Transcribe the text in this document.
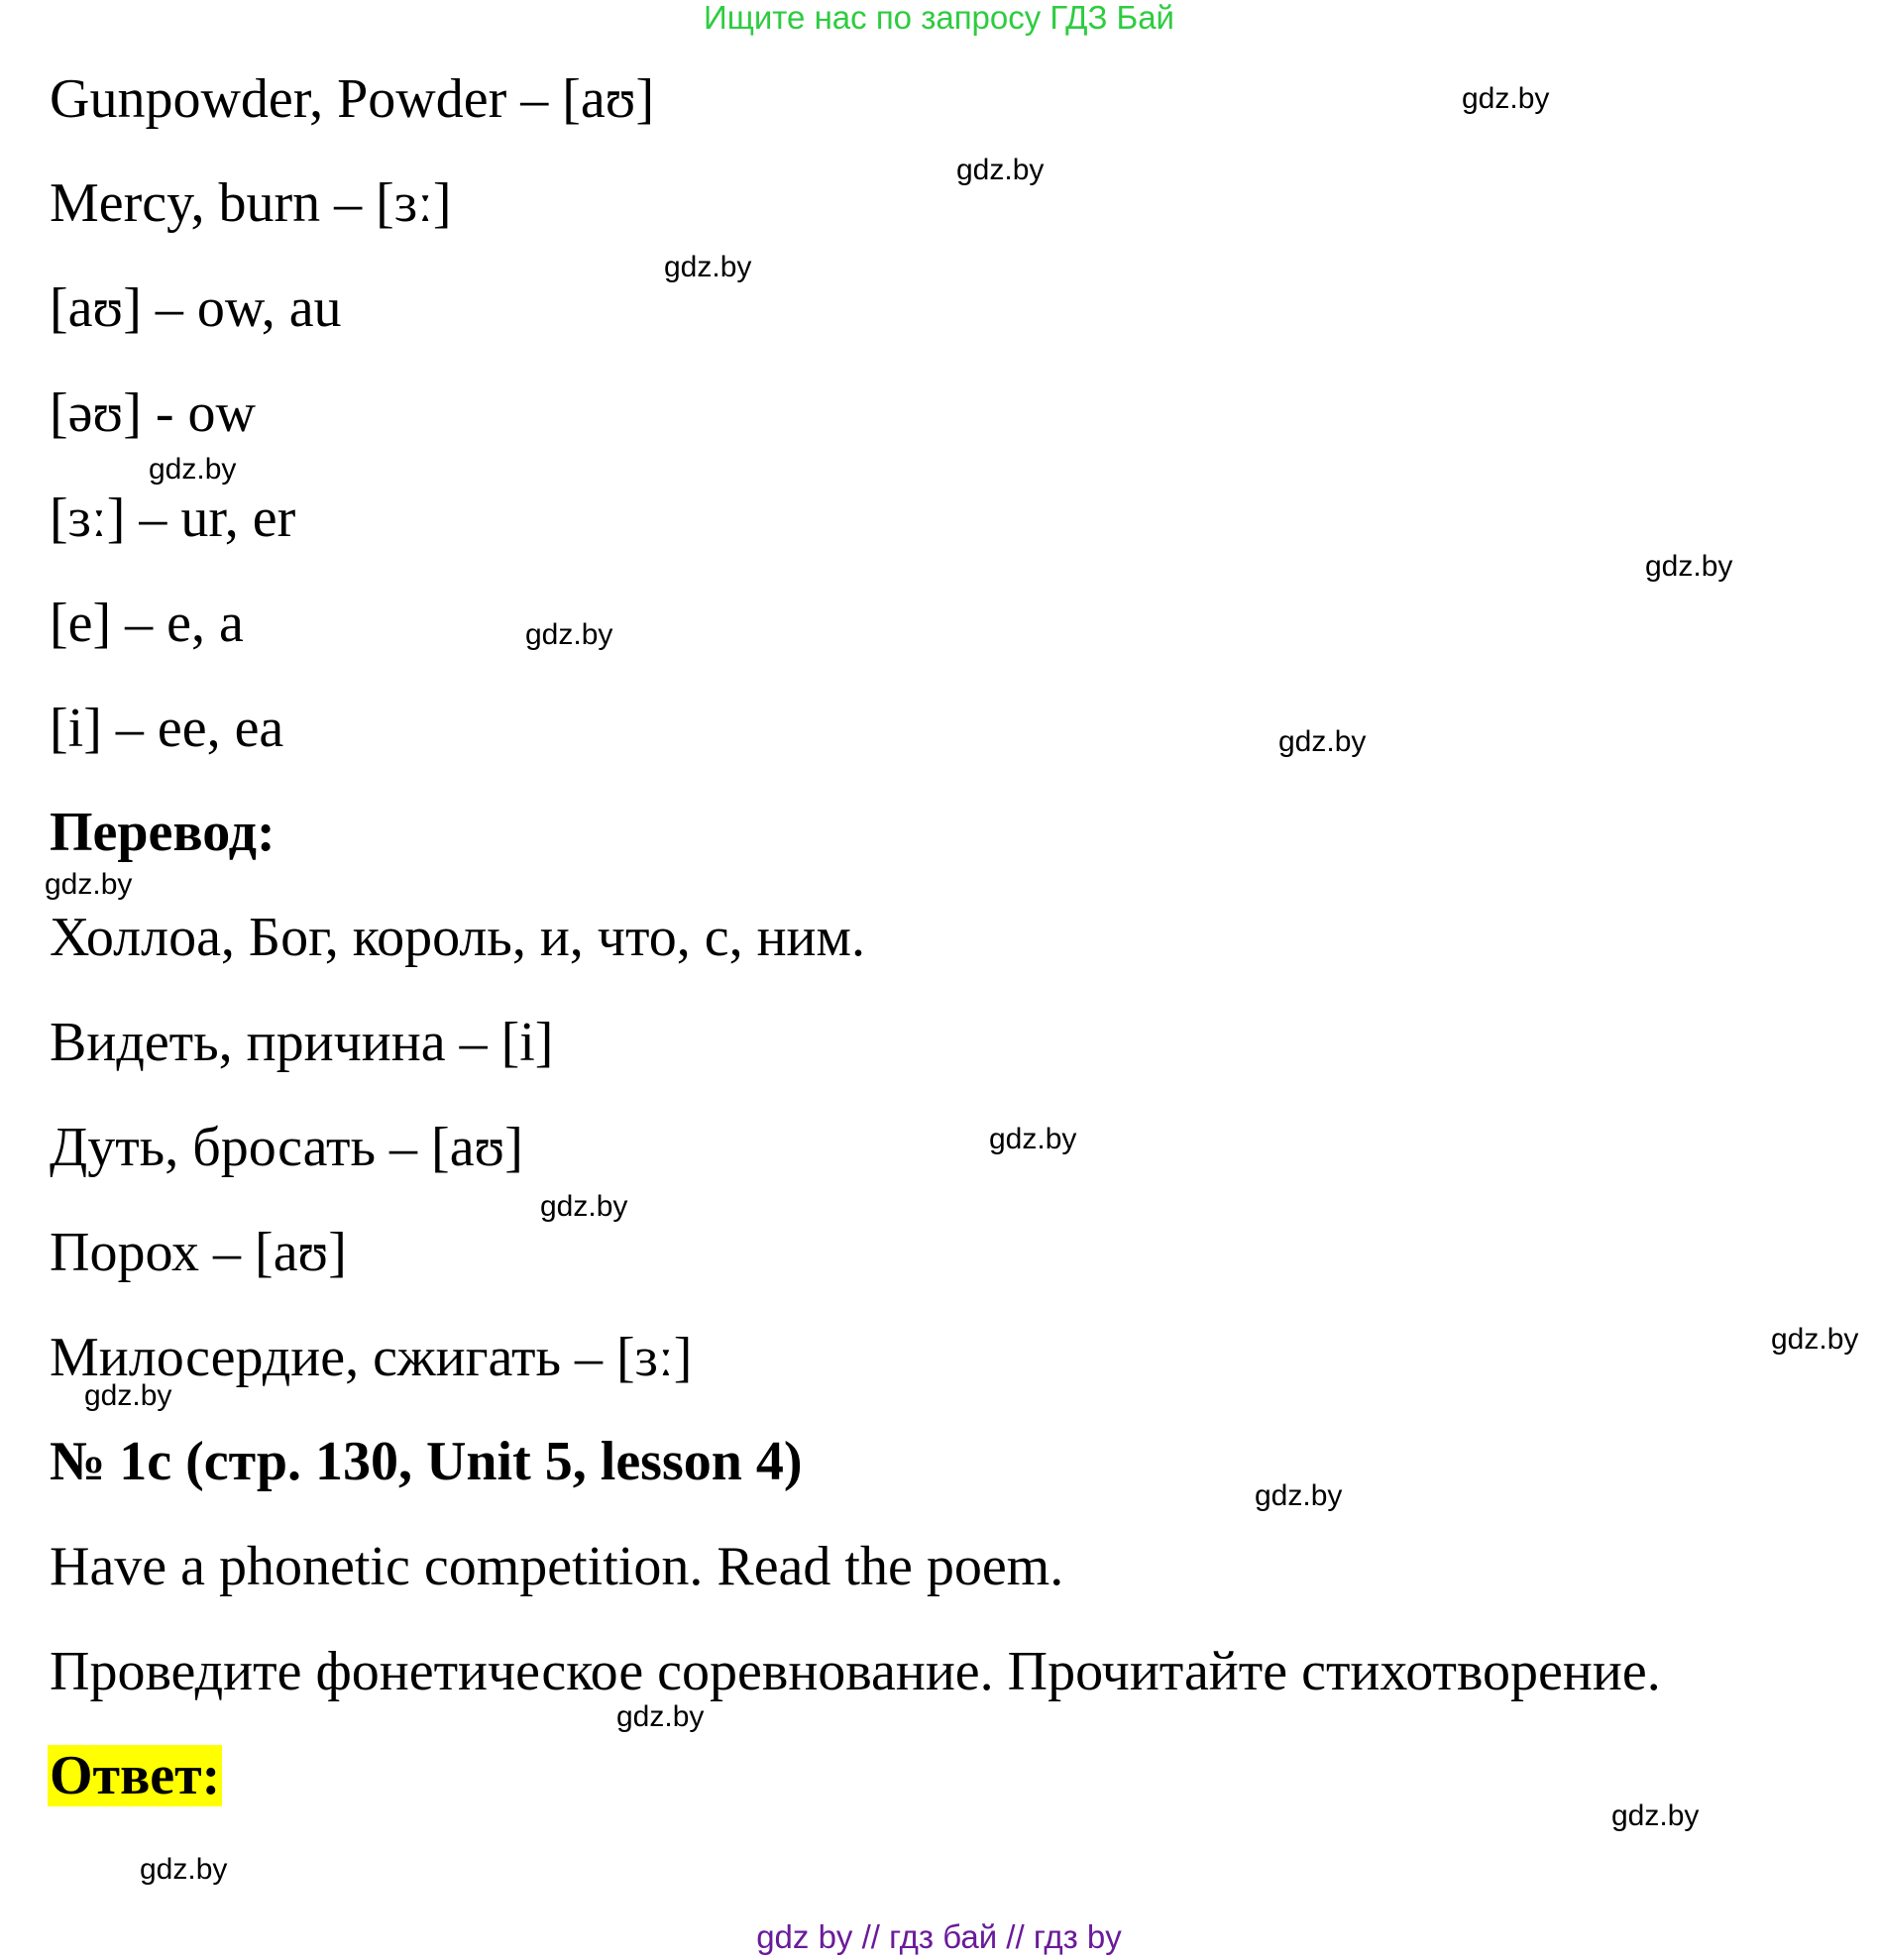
Ищите нас по запросу ГДЗ Бай
Gunpowder, Powder – [aʊ]
Mercy, burn – [ɜː]
[aʊ] – ow, au
[əʊ] - ow
[ɜː] – ur, er
[e] – e, a
[i] – ee, ea
Перевод:
Холлоа, Бог, король, и, что, с, ним.
Видеть, причина – [i]
Дуть, бросать – [aʊ]
Порох – [aʊ]
Милосердие, сжигать – [ɜː]
№ 1с (стр. 130, Unit 5, lesson 4)
Have a phonetic competition. Read the poem.
Проведите фонетическое соревнование. Прочитайте стихотворение.
Ответ:
gdz.by
gdz.by
gdz.by
gdz.by
gdz.by
gdz.by
gdz.by
gdz.by
gdz.by
gdz.by
gdz.by
gdz.by
gdz.by
gdz.by
gdz.by
gdz.by
gdz by // гдз бай // гдз by
